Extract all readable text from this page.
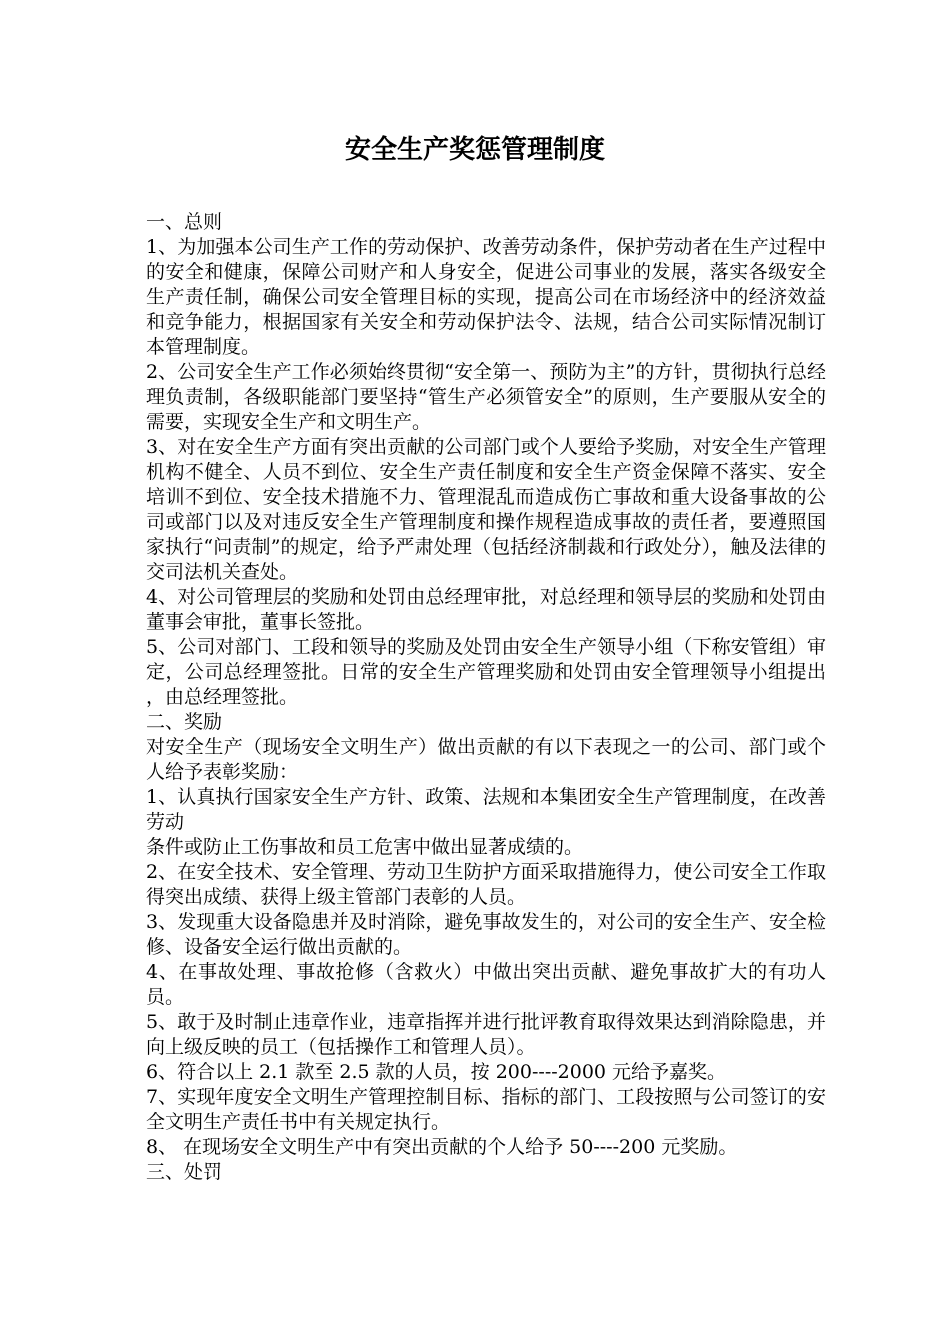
安全生产奖惩管理制度

一、总则

1、为加强本公司生产工作的劳动保护、改善劳动条件，保护劳动者在生产过程中的安全和健康，保障公司财产和人身安全，促进公司事业的发展，落实各级安全生产责任制，确保公司安全管理目标的实现，提高公司在市场经济中的经济效益和竞争能力，根据国家有关安全和劳动保护法令、法规，结合公司实际情况制订本管理制度。

2、公司安全生产工作必须始终贯彻“安全第一、预防为主”的方针，贯彻执行总经理负责制，各级职能部门要坚持“管生产必须管安全”的原则，生产要服从安全的需要，实现安全生产和文明生产。

3、对在安全生产方面有突出贡献的公司部门或个人要给予奖励，对安全生产管理机构不健全、人员不到位、安全生产责任制度和安全生产资金保障不落实、安全培训不到位、安全技术措施不力、管理混乱而造成伤亡事故和重大设备事故的公司或部门以及对违反安全生产管理制度和操作规程造成事故的责任者，要遵照国家执行“问责制”的规定，给予严肃处理（包括经济制裁和行政处分），触及法律的交司法机关查处。

4、对公司管理层的奖励和处罚由总经理审批，对总经理和领导层的奖励和处罚由董事会审批，董事长签批。

5、公司对部门、工段和领导的奖励及处罚由安全生产领导小组（下称安管组）审定，公司总经理签批。日常的安全生产管理奖励和处罚由安全管理领导小组提出 ，由总经理签批。

二、奖励

对安全生产（现场安全文明生产）做出贡献的有以下表现之一的公司、部门或个人给予表彰奖励：

1、认真执行国家安全生产方针、政策、法规和本集团安全生产管理制度，在改善劳动

条件或防止工伤事故和员工危害中做出显著成绩的。

2、在安全技术、安全管理、劳动卫生防护方面采取措施得力，使公司安全工作取得突出成绩、获得上级主管部门表彰的人员。

3、发现重大设备隐患并及时消除，避免事故发生的，对公司的安全生产、安全检修、设备安全运行做出贡献的。

4、在事故处理、事故抢修（含救火）中做出突出贡献、避免事故扩大的有功人员。

5、敢于及时制止违章作业，违章指挥并进行批评教育取得效果达到消除隐患，并向上级反映的员工（包括操作工和管理人员）。

6、符合以上 2.1 款至 2.5 款的人员，按 200----2000 元给予嘉奖。

7、实现年度安全文明生产管理控制目标、指标的部门、工段按照与公司签订的安全文明生产责任书中有关规定执行。

8、 在现场安全文明生产中有突出贡献的个人给予 50----200 元奖励。

三、处罚
